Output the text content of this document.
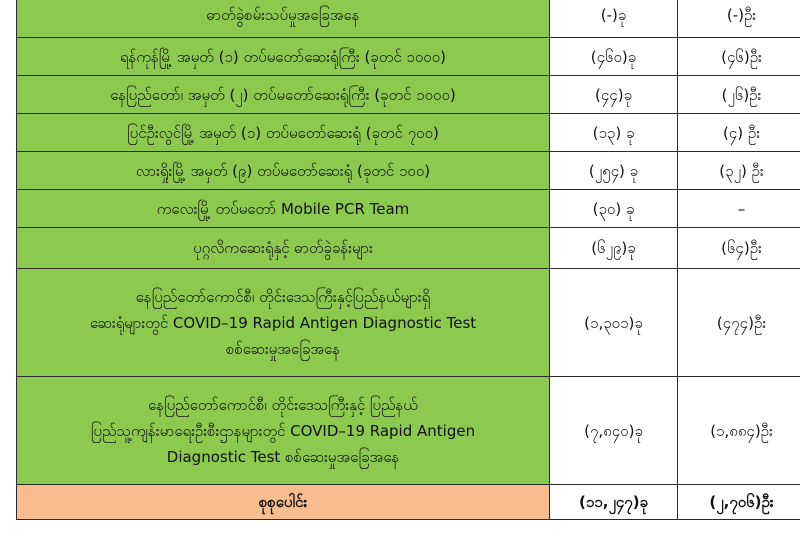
ဓာတ်ခွဲစမ်းသပ်မှုအခြေအနေ	(-)ခု	(-)ဦး

ရန်ကုန်မြို့ အမှတ် (၁) တပ်မတော်ဆေးရုံကြီး (ခုတင် ၁၀၀၀)	(၄၆၀)ခု	(၄၆)ဦး

နေပြည်တော်၊ အမှတ် (၂) တပ်မတော်ဆေးရုံကြီး (ခုတင် ၁၀၀၀)	(၄၄)ခု	(၂၆)ဦး

ပြင်ဦးလွင်မြို့ အမှတ် (၁) တပ်မတော်ဆေးရုံ (ခုတင် ၇၀၀)	(၁၃) ခု	(၄) ဦး

လားရှိုးမြို့ အမှတ် (၉) တပ်မတော်ဆေးရုံ (ခုတင် ၁၀၀)	(၂၅၄) ခု	(၃၂) ဦး

ကလေးမြို့ တပ်မတော် Mobile PCR Team	(၃၀) ခု	–

ပုဂ္ဂလိကဆေးရုံနှင့် ဓာတ်ခွဲခန်းများ	(၆၂၉)ခု	(၆၄)ဦး

နေပြည်တော်ကောင်စီ၊ တိုင်းဒေသကြီးနှင့်ပြည်နယ်များရှိ
ဆေးရုံများတွင် COVID–19 Rapid Antigen Diagnostic Test
စစ်ဆေးမှုအခြေအနေ	(၁,၃၀၁)ခု	(၄၇၄)ဦး

နေပြည်တော်ကောင်စီ၊ တိုင်းဒေသကြီးနှင့် ပြည်နယ်
ပြည်သူ့ကျန်းမာရေးဦးစီးဌာနများတွင် COVID–19 Rapid Antigen
Diagnostic Test စစ်ဆေးမှုအခြေအနေ	(၇,၈၄၀)ခု	(၁,၈၈၄)ဦး
စုစုပေါင်း	(၁၁,၂၄၇)ခု	(၂,၇၀၆)ဦး
